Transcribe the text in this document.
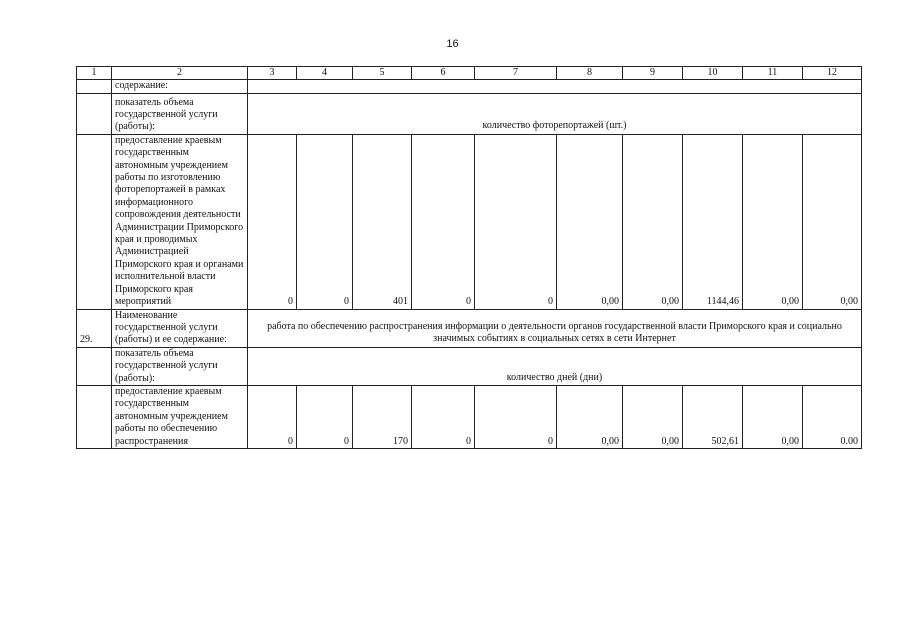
16
1	2	3	4	5	6	7	8	9	10	11	12
	содержание:										
	показатель объема государственной услуги (работы):	количество фоторепортажей (шт.)									
	предоставление краевым государственным автономным учреждением работы по изготовлению фоторепортажей в рамках информационного сопровождения деятельности Администрации Приморского края и проводимых Администрацией Приморского края и органами исполнительной власти Приморского края мероприятий	0	0	401	0	0	0,00	0,00	1144,46	0,00	0,00
29.	Наименование государственной услуги (работы) и ее содержание:	работа по обеспечению распространения информации о деятельности органов государственной власти Приморского края и социально значимых событиях в социальных сетях в сети Интернет									
	показатель объема государственной услуги (работы):	количество дней (дни)									
	предоставление краевым государственным автономным учреждением работы по обеспечению распространения	0	0	170	0	0	0,00	0,00	502,61	0,00	0.00
